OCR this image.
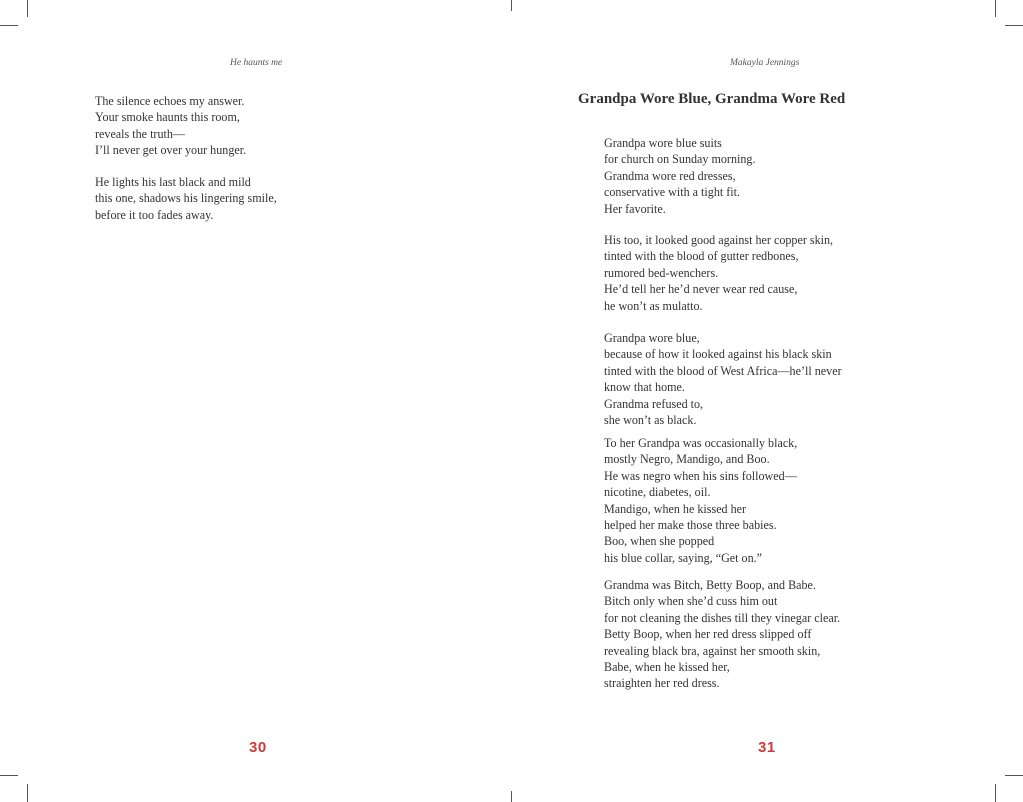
He haunts me
The silence echoes my answer.
Your smoke haunts this room,
reveals the truth—
I’ll never get over your hunger.
He lights his last black and mild
this one, shadows his lingering smile,
before it too fades away.
30
Makayla Jennings
Grandpa Wore Blue, Grandma Wore Red
Grandpa wore blue suits
for church on Sunday morning.
Grandma wore red dresses,
conservative with a tight fit.
Her favorite.
His too, it looked good against her copper skin,
tinted with the blood of gutter redbones,
rumored bed-wenchers.
He’d tell her he’d never wear red cause,
he won’t as mulatto.
Grandpa wore blue,
because of how it looked against his black skin
tinted with the blood of West Africa—he’ll never
know that home.
Grandma refused to,
she won’t as black.
To her Grandpa was occasionally black,
mostly Negro, Mandigo, and Boo.
He was negro when his sins followed—
nicotine, diabetes, oil.
Mandigo, when he kissed her
helped her make those three babies.
Boo, when she popped
his blue collar, saying, “Get on.”
Grandma was Bitch, Betty Boop, and Babe.
Bitch only when she’d cuss him out
for not cleaning the dishes till they vinegar clear.
Betty Boop, when her red dress slipped off
revealing black bra, against her smooth skin,
Babe, when he kissed her,
straighten her red dress.
31
